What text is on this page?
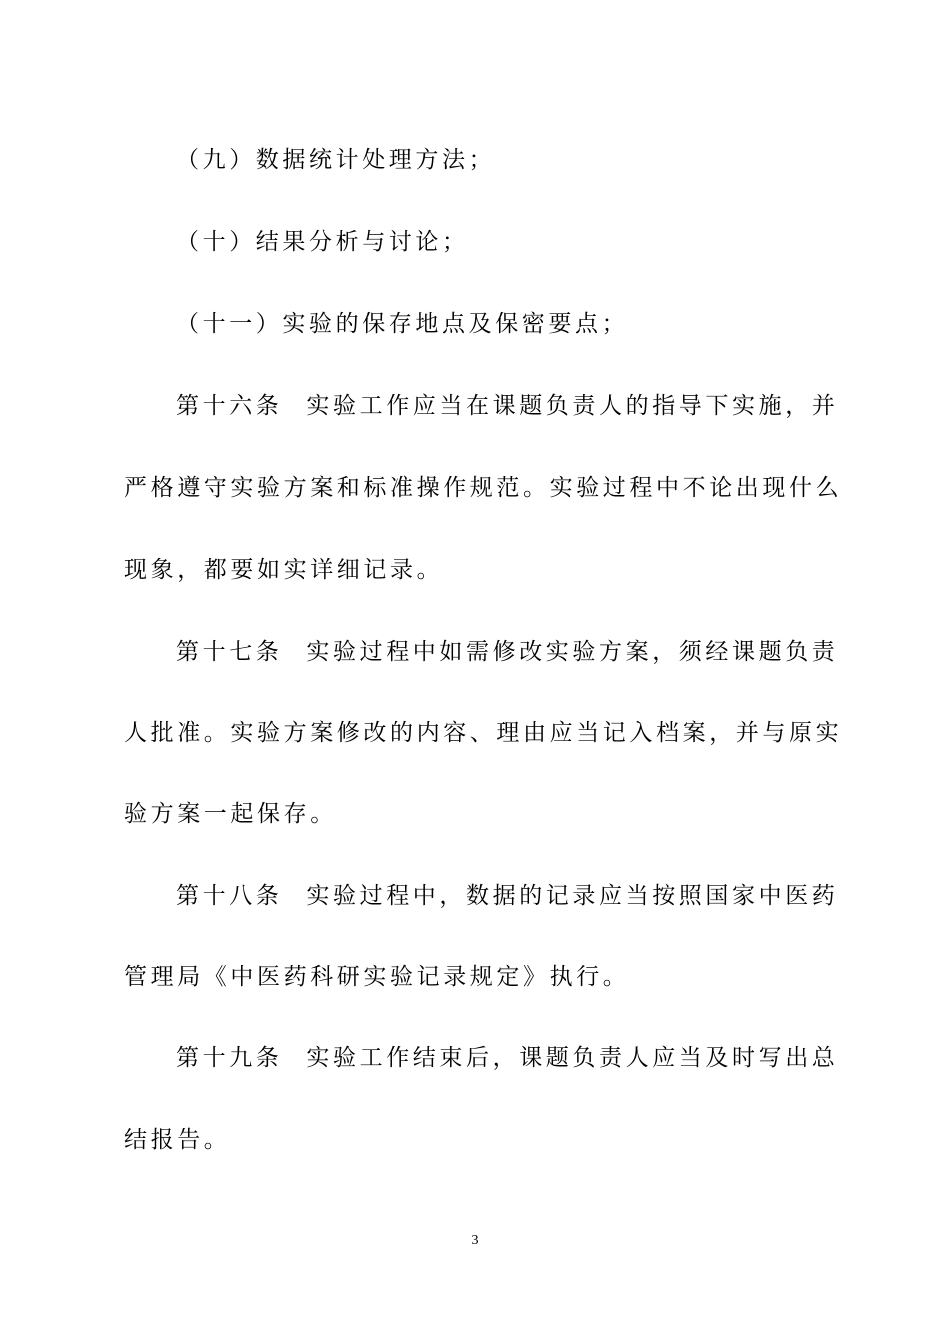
（九）数据统计处理方法；
（十）结果分析与讨论；
（十一）实验的保存地点及保密要点；
第十六条 实验工作应当在课题负责人的指导下实施，并
严格遵守实验方案和标准操作规范。实验过程中不论出现什么
现象，都要如实详细记录。
第十七条 实验过程中如需修改实验方案，须经课题负责
人批准。实验方案修改的内容、理由应当记入档案，并与原实
验方案一起保存。
第十八条 实验过程中，数据的记录应当按照国家中医药
管理局《中医药科研实验记录规定》执行。
第十九条 实验工作结束后，课题负责人应当及时写出总
结报告。
3
